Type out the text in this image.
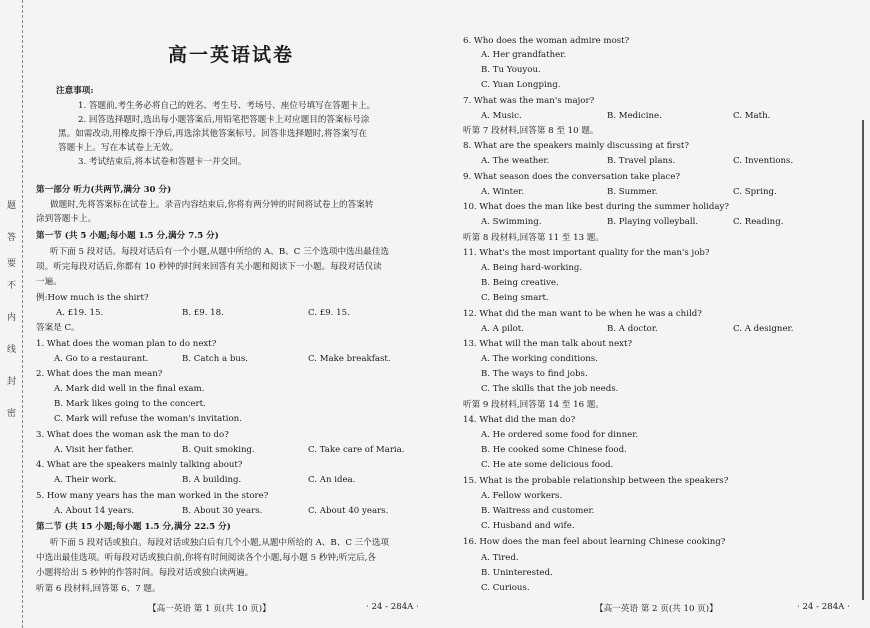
密
封
线
内
不
要
答
题
高一英语试卷
注意事项:
1. 答题前,考生务必将自己的姓名、考生号、考场号、座位号填写在答题卡上。
2. 回答选择题时,选出每小题答案后,用铅笔把答题卡上对应题目的答案标号涂
黑。如需改动,用橡皮擦干净后,再选涂其他答案标号。回答非选择题时,将答案写在
答题卡上。写在本试卷上无效。
3. 考试结束后,将本试卷和答题卡一并交回。
第一部分 听力(共两节,满分 30 分)
做题时,先将答案标在试卷上。录音内容结束后,你将有两分钟的时间将试卷上的答案转
涂到答题卡上。
第一节 (共 5 小题;每小题 1.5 分,满分 7.5 分)
听下面 5 段对话。每段对话后有一个小题,从题中所给的 A、B、C 三个选项中选出最佳选
项。听完每段对话后,你都有 10 秒钟的时间来回答有关小题和阅读下一小题。每段对话仅读
一遍。
例:How much is the shirt?
A. £19. 15.	B. £9. 18.	C. £9. 15.
答案是 C。
1. What does the woman plan to do next?
A. Go to a restaurant.	B. Catch a bus.	C. Make breakfast.
2. What does the man mean?
A. Mark did well in the final exam.
B. Mark likes going to the concert.
C. Mark will refuse the woman's invitation.
3. What does the woman ask the man to do?
A. Visit her father.	B. Quit smoking.	C. Take care of Maria.
4. What are the speakers mainly talking about?
A. Their work.	B. A building.	C. An idea.
5. How many years has the man worked in the store?
A. About 14 years.	B. About 30 years.	C. About 40 years.
第二节 (共 15 小题;每小题 1.5 分,满分 22.5 分)
听下面 5 段对话或独白。每段对话或独白后有几个小题,从题中所给的 A、B、C 三个选项
中选出最佳选项。听每段对话或独白前,你将有时间阅读各个小题,每小题 5 秒钟;听完后,各
小题将给出 5 秒钟的作答时间。每段对话或独白读两遍。
听第 6 段材料,回答第 6、7 题。
【高一英语 第 1 页(共 10 页)】	· 24 - 284A ·
6. Who does the woman admire most?
A. Her grandfather.
B. Tu Youyou.
C. Yuan Longping.
7. What was the man's major?
A. Music.	B. Medicine.	C. Math.
听第 7 段材料,回答第 8 至 10 题。
8. What are the speakers mainly discussing at first?
A. The weather.	B. Travel plans.	C. Inventions.
9. What season does the conversation take place?
A. Winter.	B. Summer.	C. Spring.
10. What does the man like best during the summer holiday?
A. Swimming.	B. Playing volleyball.	C. Reading.
听第 8 段材料,回答第 11 至 13 题。
11. What's the most important quality for the man's job?
A. Being hard-working.
B. Being creative.
C. Being smart.
12. What did the man want to be when he was a child?
A. A pilot.	B. A doctor.	C. A designer.
13. What will the man talk about next?
A. The working conditions.
B. The ways to find jobs.
C. The skills that the job needs.
听第 9 段材料,回答第 14 至 16 题。
14. What did the man do?
A. He ordered some food for dinner.
B. He cooked some Chinese food.
C. He ate some delicious food.
15. What is the probable relationship between the speakers?
A. Fellow workers.
B. Waitress and customer.
C. Husband and wife.
16. How does the man feel about learning Chinese cooking?
A. Tired.
B. Uninterested.
C. Curious.
【高一英语 第 2 页(共 10 页)】	· 24 - 284A ·
